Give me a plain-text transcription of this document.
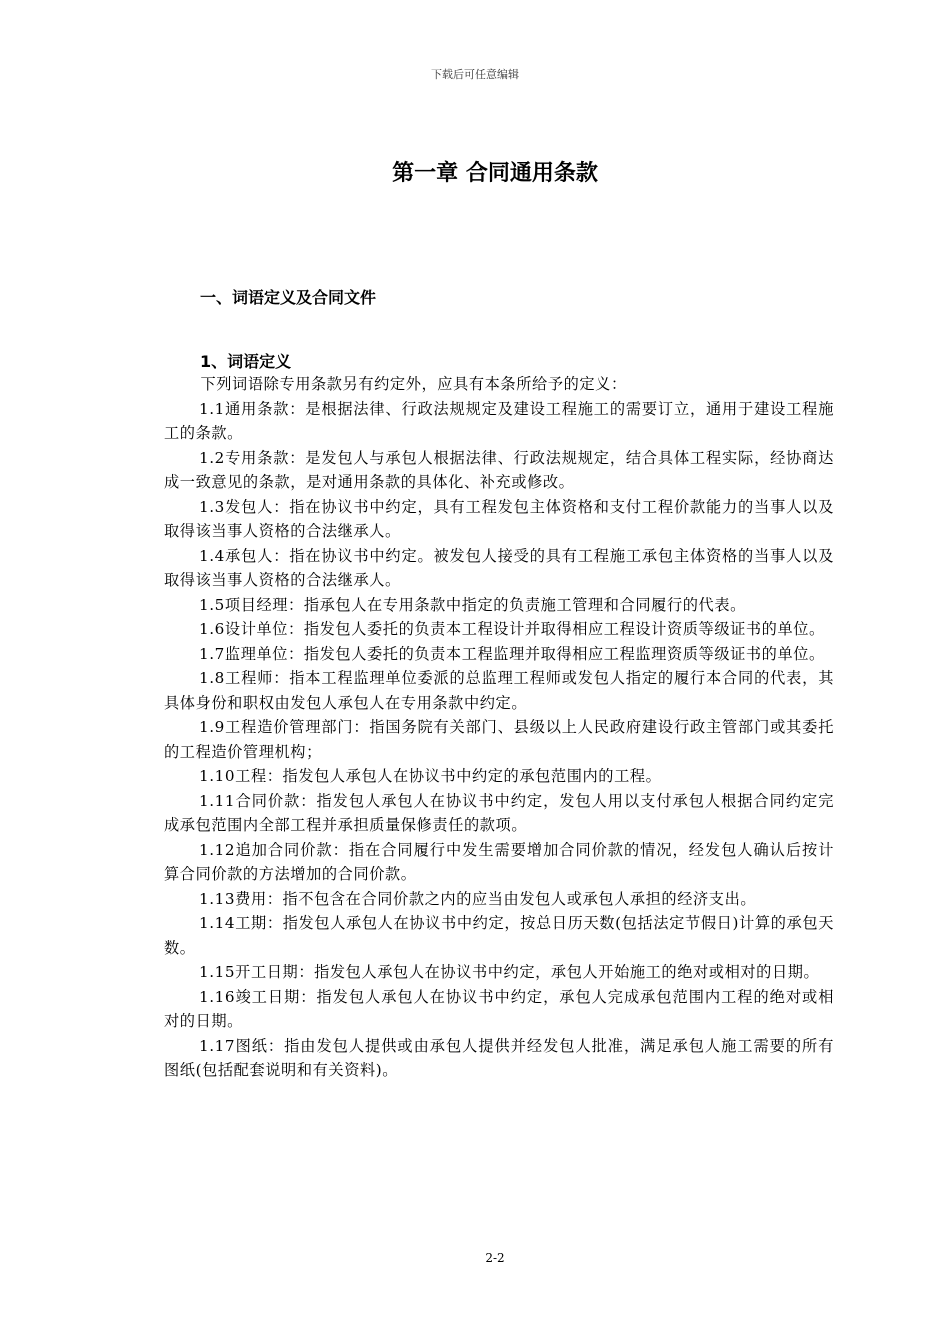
下载后可任意编辑
第一章 合同通用条款
一、词语定义及合同文件
1、词语定义

下列词语除专用条款另有约定外，应具有本条所给予的定义：

1.1通用条款：是根据法律、行政法规规定及建设工程施工的需要订立，通用于建设工程施工的条款。

1.2专用条款：是发包人与承包人根据法律、行政法规规定，结合具体工程实际，经协商达成一致意见的条款，是对通用条款的具体化、补充或修改。

1.3发包人：指在协议书中约定，具有工程发包主体资格和支付工程价款能力的当事人以及取得该当事人资格的合法继承人。

1.4承包人：指在协议书中约定。被发包人接受的具有工程施工承包主体资格的当事人以及取得该当事人资格的合法继承人。

1.5项目经理：指承包人在专用条款中指定的负责施工管理和合同履行的代表。

1.6设计单位：指发包人委托的负责本工程设计并取得相应工程设计资质等级证书的单位。

1.7监理单位：指发包人委托的负责本工程监理并取得相应工程监理资质等级证书的单位。

1.8工程师：指本工程监理单位委派的总监理工程师或发包人指定的履行本合同的代表，其具体身份和职权由发包人承包人在专用条款中约定。

1.9工程造价管理部门：指国务院有关部门、县级以上人民政府建设行政主管部门或其委托的工程造价管理机构；

1.10工程：指发包人承包人在协议书中约定的承包范围内的工程。

1.11合同价款：指发包人承包人在协议书中约定，发包人用以支付承包人根据合同约定完成承包范围内全部工程并承担质量保修责任的款项。

1.12追加合同价款：指在合同履行中发生需要增加合同价款的情况，经发包人确认后按计算合同价款的方法增加的合同价款。

1.13费用：指不包含在合同价款之内的应当由发包人或承包人承担的经济支出。

1.14工期：指发包人承包人在协议书中约定，按总日历天数(包括法定节假日)计算的承包天数。

1.15开工日期：指发包人承包人在协议书中约定，承包人开始施工的绝对或相对的日期。

1.16竣工日期：指发包人承包人在协议书中约定，承包人完成承包范围内工程的绝对或相对的日期。

1.17图纸：指由发包人提供或由承包人提供并经发包人批准，满足承包人施工需要的所有图纸(包括配套说明和有关资料)。

2-2
